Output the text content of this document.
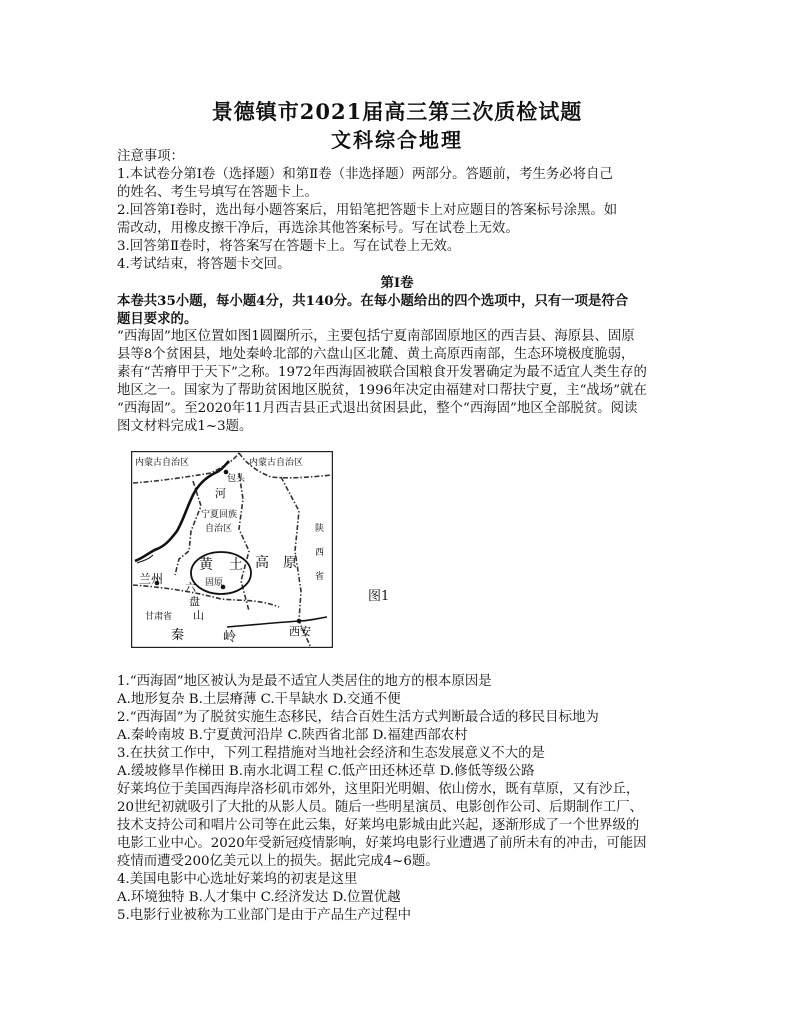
景德镇市2021届高三第三次质检试题
文科综合地理
注意事项：
1.本试卷分第Ⅰ卷（选择题）和第Ⅱ卷（非选择题）两部分。答题前，考生务必将自己
的姓名、考生号填写在答题卡上。
2.回答第Ⅰ卷时，选出每小题答案后，用铅笔把答题卡上对应题目的答案标号涂黑。如
需改动，用橡皮擦干净后，再选涂其他答案标号。写在试卷上无效。
3.回答第Ⅱ卷时，将答案写在答题卡上。写在试卷上无效。
4.考试结束，将答题卡交回。
第Ⅰ卷
本卷共35小题，每小题4分，共140分。在每小题给出的四个选项中，只有一项是符合
题目要求的。
“西海固”地区位置如图1圆圈所示，主要包括宁夏南部固原地区的西吉县、海原县、固原
县等8个贫困县，地处秦岭北部的六盘山区北麓、黄土高原西南部，生态环境极度脆弱，
素有“苦瘠甲于天下”之称。1972年西海固被联合国粮食开发署确定为最不适宜人类生存的
地区之一。国家为了帮助贫困地区脱贫，1996年决定由福建对口帮扶宁夏，主“战场”就在
“西海固”。至2020年11月西吉县正式退出贫困县此，整个“西海固”地区全部脱贫。阅读
图文材料完成1~3题。
内蒙古自治区	内蒙古自治区
包头
河
宁夏回族
自治区	陕
西
省
兰州
黄 土 高 原
固原
六
盘
山
甘肃省
秦	岭	西安
图1
1.“西海固”地区被认为是最不适宜人类居住的地方的根本原因是
A.地形复杂 B.土层瘠薄 C.干旱缺水 D.交通不便
2.“西海固”为了脱贫实施生态移民，结合百姓生活方式判断最合适的移民目标地为
A.秦岭南坡 B.宁夏黄河沿岸 C.陕西省北部 D.福建西部农村
3.在扶贫工作中，下列工程措施对当地社会经济和生态发展意义不大的是
A.缓坡修旱作梯田 B.南水北调工程 C.低产田还林还草 D.修低等级公路
好莱坞位于美国西海岸洛杉矶市郊外，这里阳光明媚、依山傍水，既有草原，又有沙丘，
20世纪初就吸引了大批的从影人员。随后一些明星演员、电影创作公司、后期制作工厂、
技术支持公司和唱片公司等在此云集，好莱坞电影城由此兴起，逐渐形成了一个世界级的
电影工业中心。2020年受新冠疫情影响，好莱坞电影行业遭遇了前所未有的冲击，可能因
疫情而遭受200亿美元以上的损失。据此完成4~6题。
4.美国电影中心选址好莱坞的初衷是这里
A.环境独特 B.人才集中 C.经济发达 D.位置优越
5.电影行业被称为工业部门是由于产品生产过程中
